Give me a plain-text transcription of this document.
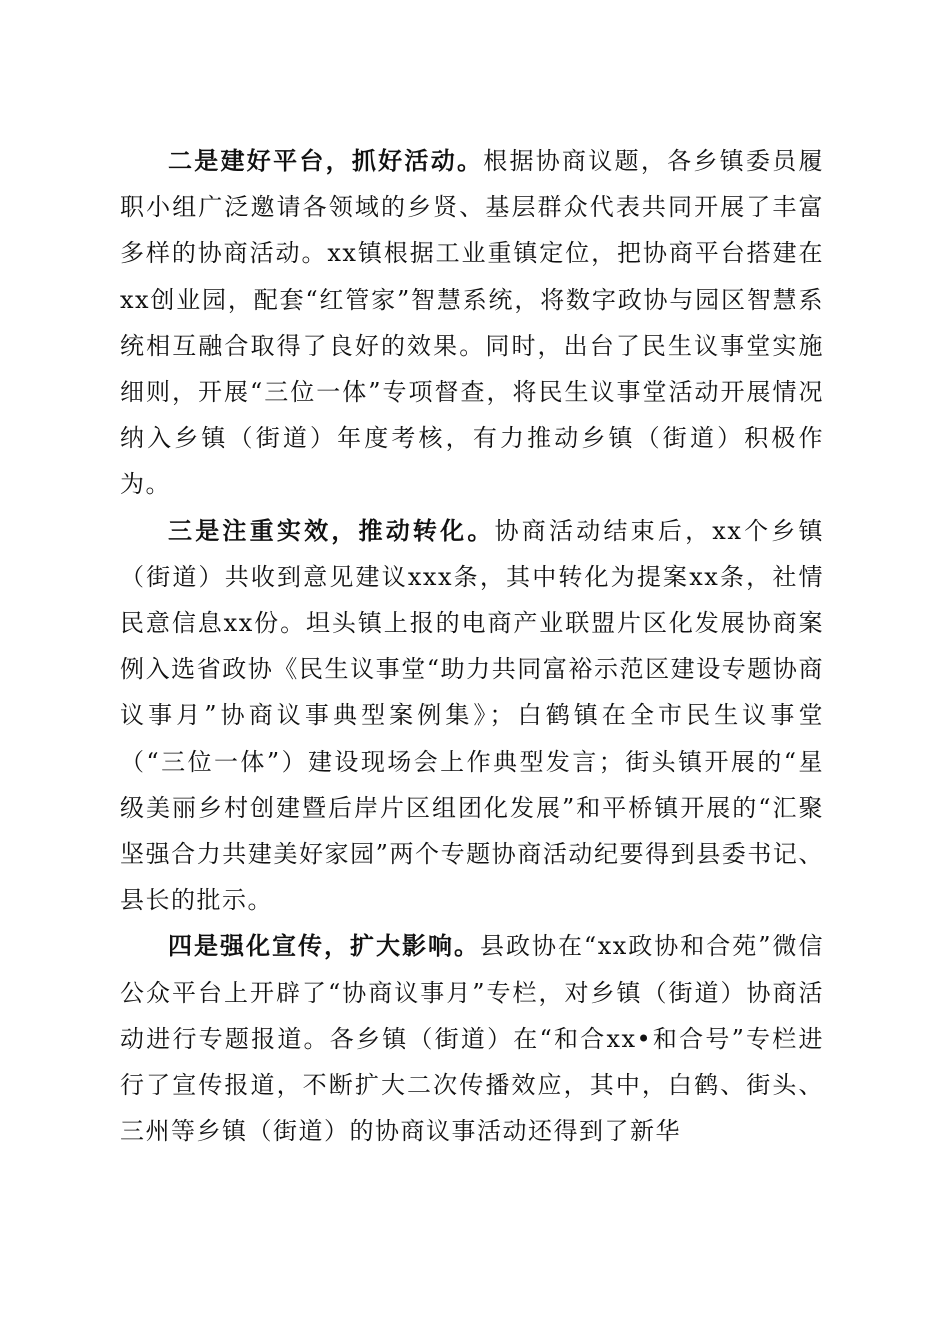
二是建好平台，抓好活动。根据协商议题，各乡镇委员履职小组广泛邀请各领域的乡贤、基层群众代表共同开展了丰富多样的协商活动。xx镇根据工业重镇定位，把协商平台搭建在xx创业园，配套“红管家”智慧系统，将数字政协与园区智慧系统相互融合取得了良好的效果。同时，出台了民生议事堂实施细则，开展“三位一体”专项督查，将民生议事堂活动开展情况纳入乡镇（街道）年度考核，有力推动乡镇（街道）积极作为。

三是注重实效，推动转化。协商活动结束后，xx个乡镇（街道）共收到意见建议xxx条，其中转化为提案xx条，社情民意信息xx份。坦头镇上报的电商产业联盟片区化发展协商案例入选省政协《民生议事堂“助力共同富裕示范区建设专题协商议事月”协商议事典型案例集》；白鹤镇在全市民生议事堂（“三位一体”）建设现场会上作典型发言；街头镇开展的“星级美丽乡村创建暨后岸片区组团化发展”和平桥镇开展的“汇聚坚强合力共建美好家园”两个专题协商活动纪要得到县委书记、县长的批示。

四是强化宣传，扩大影响。县政协在“xx政协和合苑”微信公众平台上开辟了“协商议事月”专栏，对乡镇（街道）协商活动进行专题报道。各乡镇（街道）在“和合xx•和合号”专栏进行了宣传报道，不断扩大二次传播效应，其中，白鹤、街头、三州等乡镇（街道）的协商议事活动还得到了新华
